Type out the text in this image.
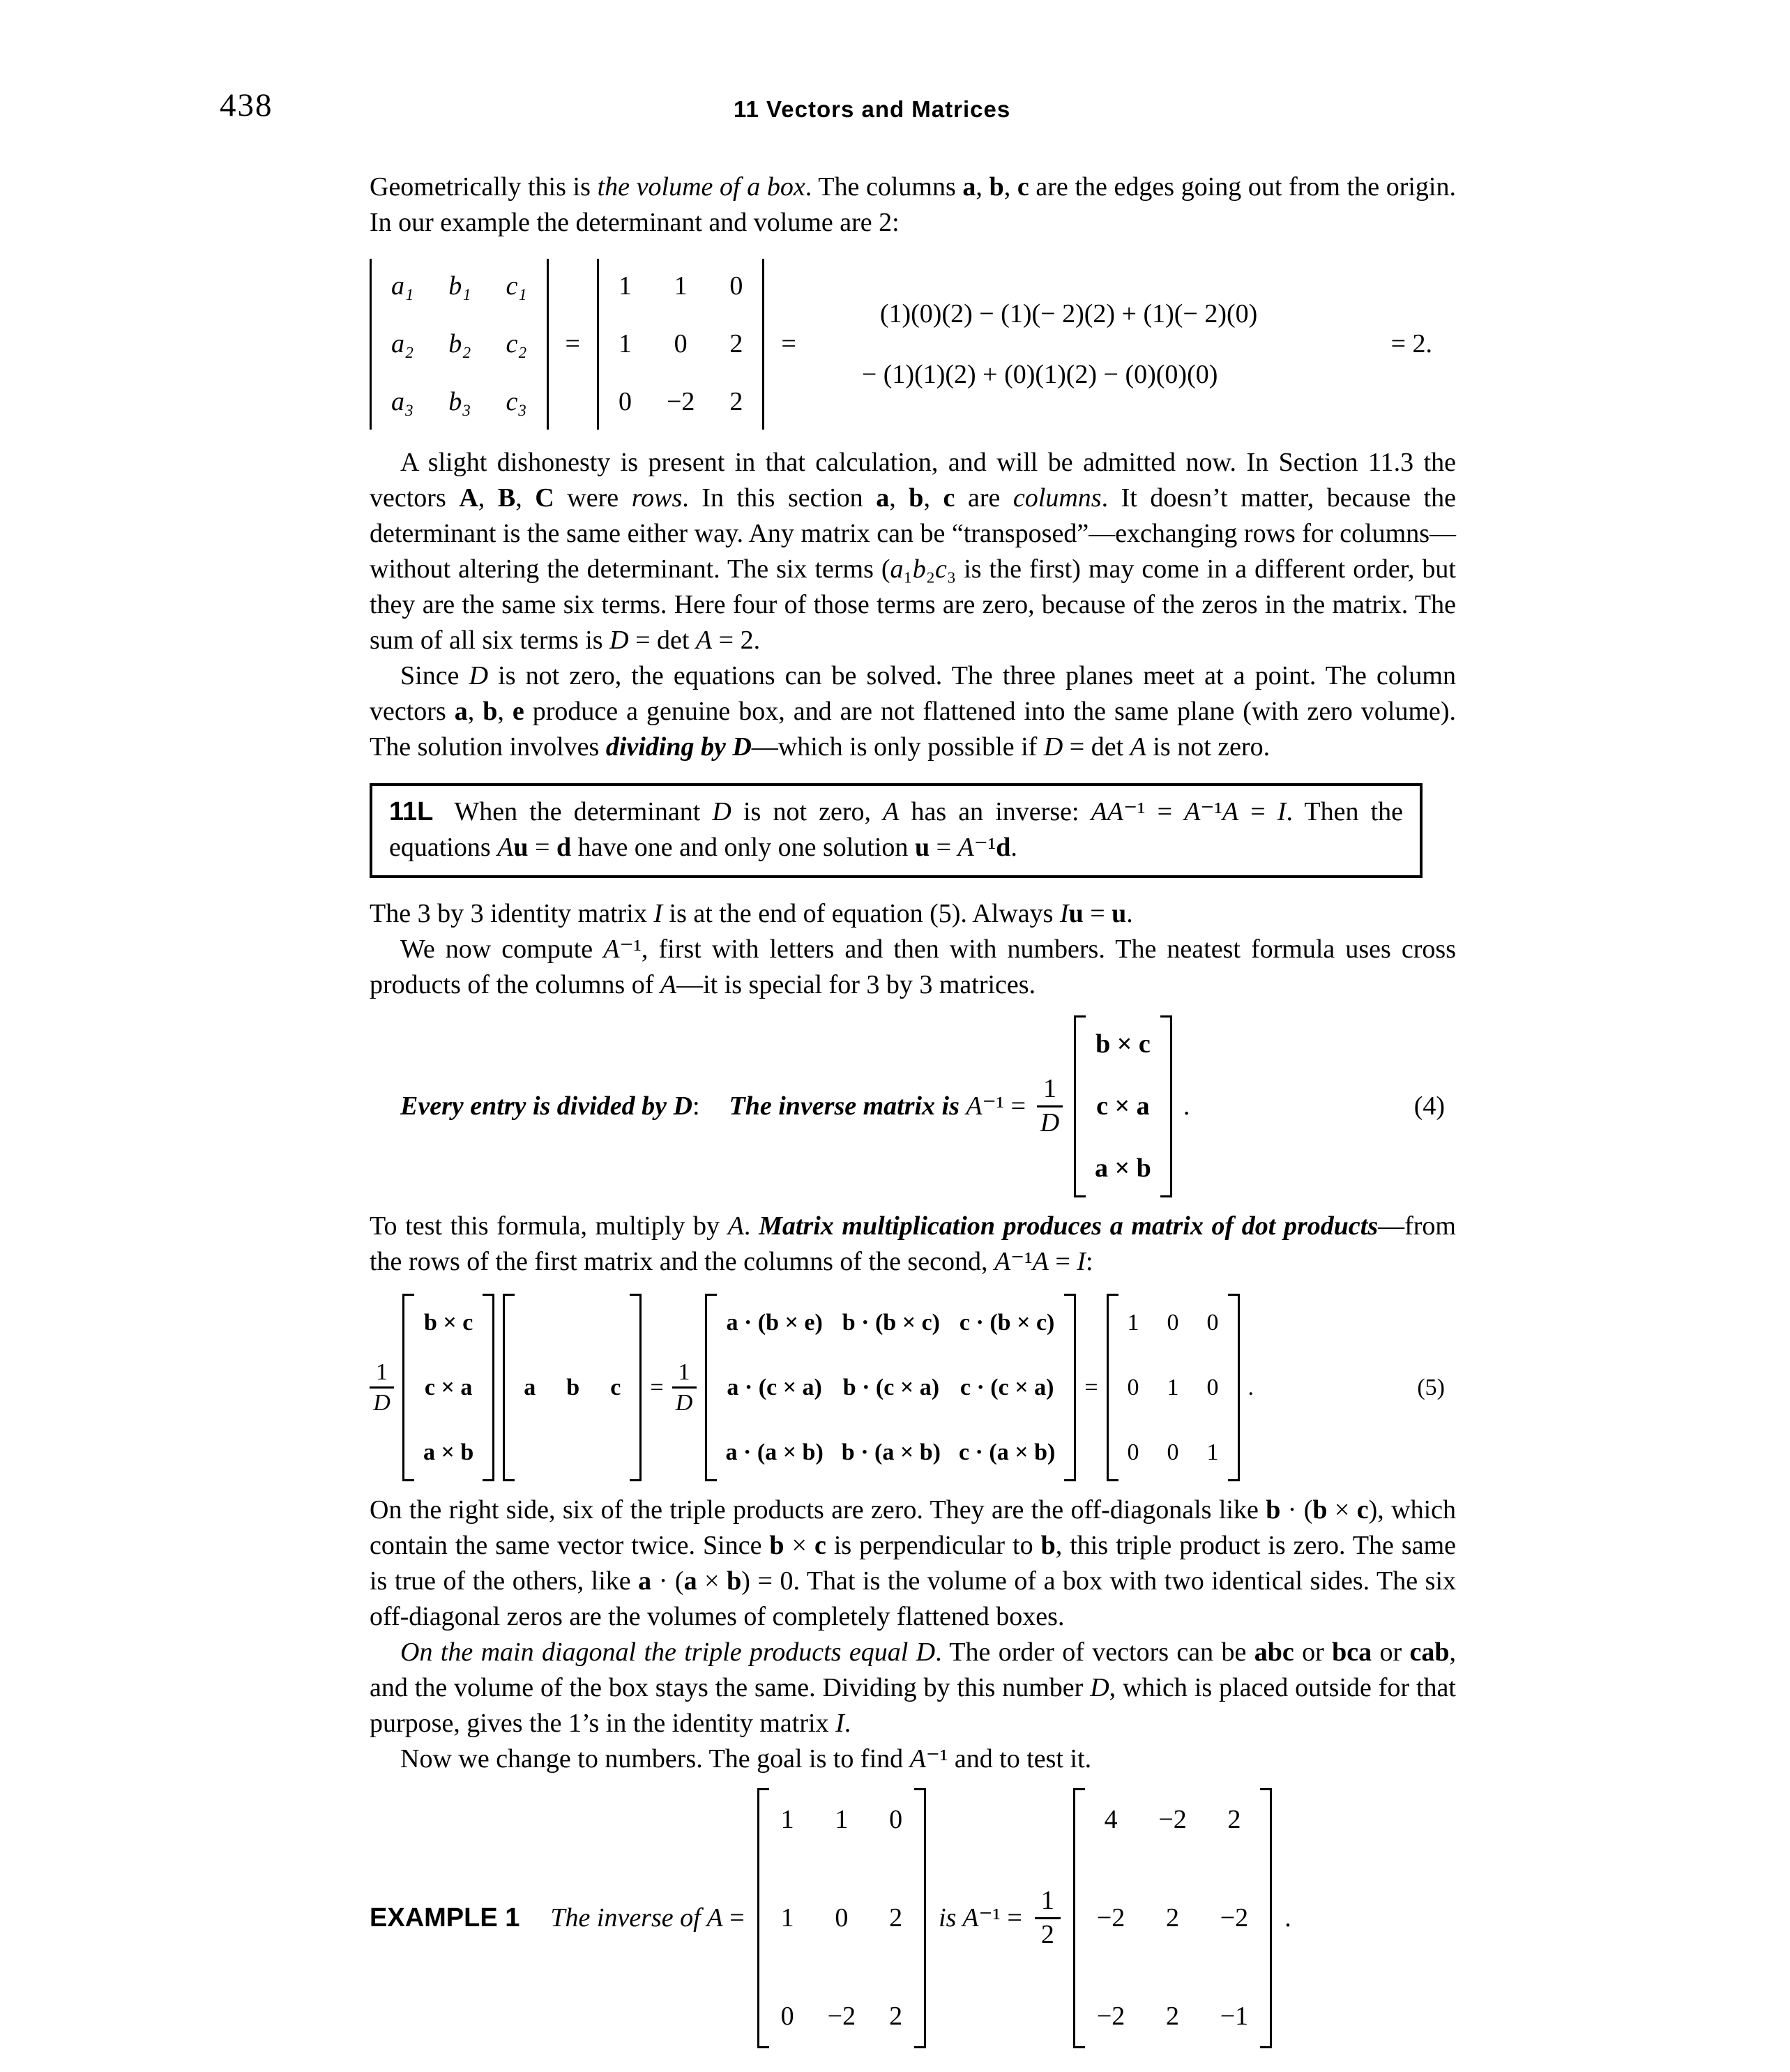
438	11 Vectors and Matrices

Geometrically this is the volume of a box. The columns a, b, c are the edges going out from the origin. In our example the determinant and volume are 2:

a₁ b₁ c₁
a₂ b₂ c₂
a₃ b₃ c₃
=
1 1 0
1 0 2
0 −2 2
=
(1)(0)(2) − (1)(− 2)(2) + (1)(− 2)(0)
− (1)(1)(2) + (0)(1)(2) − (0)(0)(0)
= 2.

A slight dishonesty is present in that calculation, and will be admitted now. In Section 11.3 the vectors A, B, C were rows. In this section a, b, c are columns. It doesn’t matter, because the determinant is the same either way. Any matrix can be “transposed”—exchanging rows for columns—without altering the determinant. The six terms (a₁b₂c₃ is the first) may come in a different order, but they are the same six terms. Here four of those terms are zero, because of the zeros in the matrix. The sum of all six terms is D = det A = 2.

Since D is not zero, the equations can be solved. The three planes meet at a point. The column vectors a, b, e produce a genuine box, and are not flattened into the same plane (with zero volume). The solution involves dividing by D—which is only possible if D = det A is not zero.

11L When the determinant D is not zero, A has an inverse: AA⁻¹ = A⁻¹A = I. Then the equations Au = d have one and only one solution u = A⁻¹d.

The 3 by 3 identity matrix I is at the end of equation (5). Always Iu = u.

We now compute A⁻¹, first with letters and then with numbers. The neatest formula uses cross products of the columns of A—it is special for 3 by 3 matrices.

Every entry is divided by D: The inverse matrix is $A^{-1} = \frac{1}{D}$
b × c
c × a
a × b
.	(4)

To test this formula, multiply by A. Matrix multiplication produces a matrix of dot products—from the rows of the first matrix and the columns of the second, A⁻¹A = I:

$\frac{1}{D}$
b × c
c × a
a × b
a b $c = \frac{1}{D}$
a · (b × e) b · (b × c) c · (b × c)
a · (c × a) b · (c × a) c · (c × a)
a · (a × b) b · (a × b) c · (a × b)
=
1 0 0
0 1 0
0 0 1
.	(5)

On the right side, six of the triple products are zero. They are the off-diagonals like b · (b × c), which contain the same vector twice. Since b × c is perpendicular to b, this triple product is zero. The same is true of the others, like a · (a × b) = 0. That is the volume of a box with two identical sides. The six off-diagonal zeros are the volumes of completely flattened boxes.

On the main diagonal the triple products equal D. The order of vectors can be abc or bca or cab, and the volume of the box stays the same. Dividing by this number D, which is placed outside for that purpose, gives the 1’s in the identity matrix I.

Now we change to numbers. The goal is to find A⁻¹ and to test it.

EXAMPLE 1 The inverse of A =
1 1 0
1 0 2
0 −2 2
is $A^{-1} = \frac{1}{2}$
4 −2 2
−2 2 −2
−2 2 −1
.
